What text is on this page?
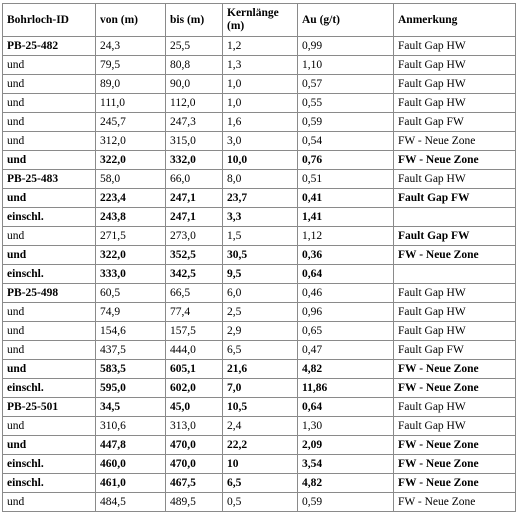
Bohrloch-ID	von (m)	bis (m)	Kernlänge (m)	Au (g/t)	Anmerkung
PB-25-482	24,3	25,5	1,2	0,99	Fault Gap HW
und	79,5	80,8	1,3	1,10	Fault Gap HW
und	89,0	90,0	1,0	0,57	Fault Gap HW
und	111,0	112,0	1,0	0,55	Fault Gap HW
und	245,7	247,3	1,6	0,59	Fault Gap FW
und	312,0	315,0	3,0	0,54	FW - Neue Zone
und	322,0	332,0	10,0	0,76	FW - Neue Zone
PB-25-483	58,0	66,0	8,0	0,51	Fault Gap HW
und	223,4	247,1	23,7	0,41	Fault Gap FW
einschl.	243,8	247,1	3,3	1,41	
und	271,5	273,0	1,5	1,12	Fault Gap FW
und	322,0	352,5	30,5	0,36	FW - Neue Zone
einschl.	333,0	342,5	9,5	0,64	
PB-25-498	60,5	66,5	6,0	0,46	Fault Gap HW
und	74,9	77,4	2,5	0,96	Fault Gap HW
und	154,6	157,5	2,9	0,65	Fault Gap HW
und	437,5	444,0	6,5	0,47	Fault Gap FW
und	583,5	605,1	21,6	4,82	FW - Neue Zone
einschl.	595,0	602,0	7,0	11,86	FW - Neue Zone
PB-25-501	34,5	45,0	10,5	0,64	Fault Gap HW
und	310,6	313,0	2,4	1,30	Fault Gap HW
und	447,8	470,0	22,2	2,09	FW - Neue Zone
einschl.	460,0	470,0	10	3,54	FW - Neue Zone
einschl.	461,0	467,5	6,5	4,82	FW - Neue Zone
und	484,5	489,5	0,5	0,59	FW - Neue Zone
